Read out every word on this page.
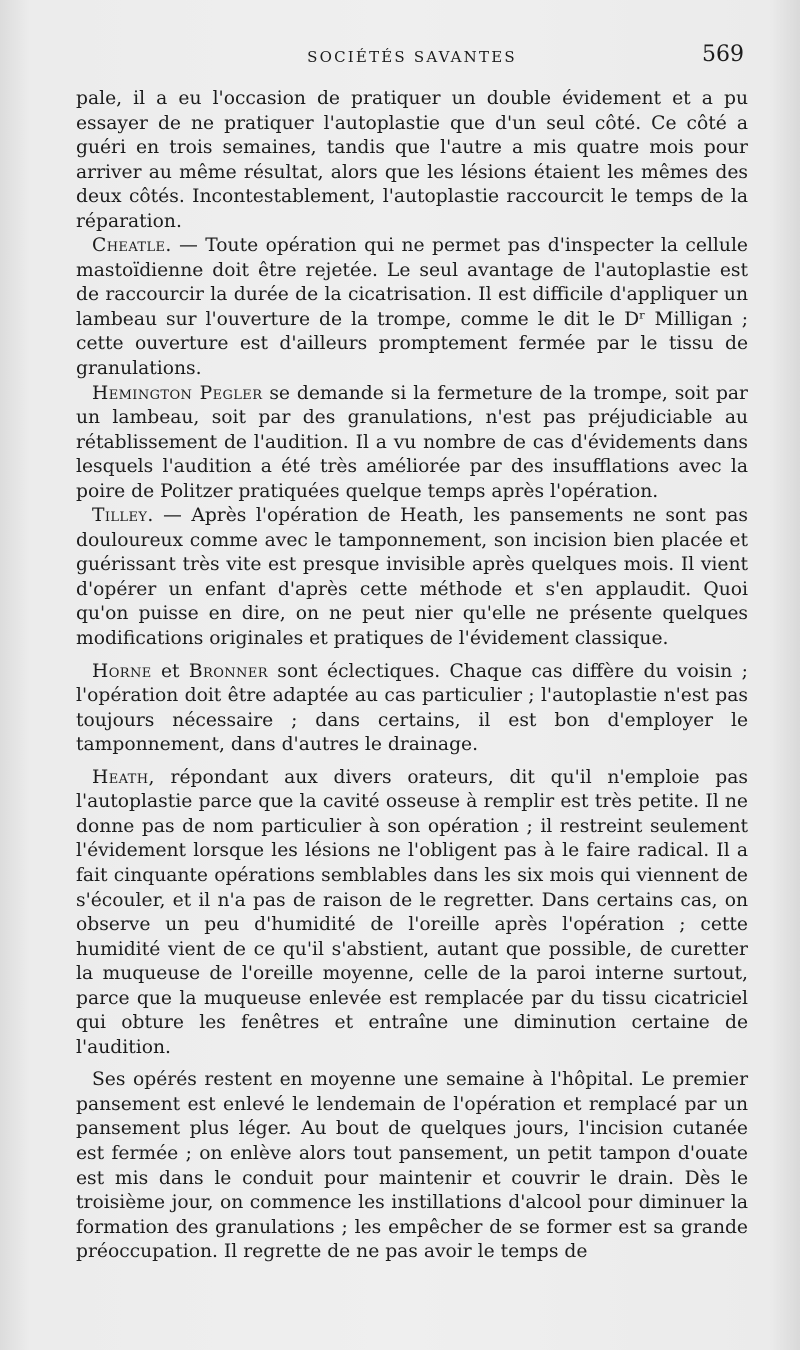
SOCIÉTÉS SAVANTES	569

pale, il a eu l'occasion de pratiquer un double évidement et a pu essayer de ne pratiquer l'autoplastie que d'un seul côté. Ce côté a guéri en trois semaines, tandis que l'autre a mis quatre mois pour arriver au même résultat, alors que les lésions étaient les mêmes des deux côtés. Incontestablement, l'autoplastie raccourcit le temps de la réparation.

Cheatle. — Toute opération qui ne permet pas d'inspecter la cellule mastoïdienne doit être rejetée. Le seul avantage de l'autoplastie est de raccourcir la durée de la cicatrisation. Il est difficile d'appliquer un lambeau sur l'ouverture de la trompe, comme le dit le Dʳ Milligan ; cette ouverture est d'ailleurs promptement fermée par le tissu de granulations.

Hemington Pegler se demande si la fermeture de la trompe, soit par un lambeau, soit par des granulations, n'est pas préjudiciable au rétablissement de l'audition. Il a vu nombre de cas d'évidements dans lesquels l'audition a été très améliorée par des insufflations avec la poire de Politzer pratiquées quelque temps après l'opération.

Tilley. — Après l'opération de Heath, les pansements ne sont pas douloureux comme avec le tamponnement, son incision bien placée et guérissant très vite est presque invisible après quelques mois. Il vient d'opérer un enfant d'après cette méthode et s'en applaudit. Quoi qu'on puisse en dire, on ne peut nier qu'elle ne présente quelques modifications originales et pratiques de l'évidement classique.

Horne et Bronner sont éclectiques. Chaque cas diffère du voisin ; l'opération doit être adaptée au cas particulier ; l'autoplastie n'est pas toujours nécessaire ; dans certains, il est bon d'employer le tamponnement, dans d'autres le drainage.

Heath, répondant aux divers orateurs, dit qu'il n'emploie pas l'autoplastie parce que la cavité osseuse à remplir est très petite. Il ne donne pas de nom particulier à son opération ; il restreint seulement l'évidement lorsque les lésions ne l'obligent pas à le faire radical. Il a fait cinquante opérations semblables dans les six mois qui viennent de s'écouler, et il n'a pas de raison de le regretter. Dans certains cas, on observe un peu d'humidité de l'oreille après l'opération ; cette humidité vient de ce qu'il s'abstient, autant que possible, de curetter la muqueuse de l'oreille moyenne, celle de la paroi interne surtout, parce que la muqueuse enlevée est remplacée par du tissu cicatriciel qui obture les fenêtres et entraîne une diminution certaine de l'audition.

Ses opérés restent en moyenne une semaine à l'hôpital. Le premier pansement est enlevé le lendemain de l'opération et remplacé par un pansement plus léger. Au bout de quelques jours, l'incision cutanée est fermée ; on enlève alors tout pansement, un petit tampon d'ouate est mis dans le conduit pour maintenir et couvrir le drain. Dès le troisième jour, on commence les instillations d'alcool pour diminuer la formation des granulations ; les empêcher de se former est sa grande préoccupation. Il regrette de ne pas avoir le temps de
